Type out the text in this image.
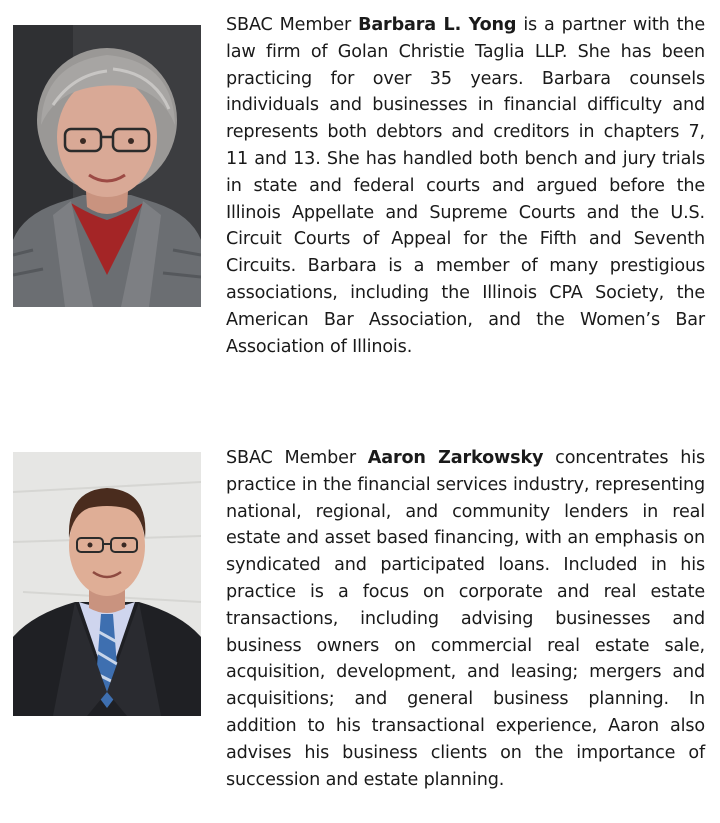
SBAC Member Barbara L. Yong is a partner with the law firm of Golan Christie Taglia LLP. She has been practicing for over 35 years. Barbara counsels individuals and businesses in financial difficulty and represents both debtors and creditors in chapters 7, 11 and 13. She has handled both bench and jury trials in state and federal courts and argued before the Illinois Appellate and Supreme Courts and the U.S. Circuit Courts of Appeal for the Fifth and Seventh Circuits. Barbara is a member of many prestigious associations, including the Illinois CPA Society, the American Bar Association, and the Women’s Bar Association of Illinois.

SBAC Member Aaron Zarkowsky concentrates his practice in the financial services industry, representing national, regional, and community lenders in real estate and asset based financing, with an emphasis on syndicated and participated loans. Included in his practice is a focus on corporate and real estate transactions, including advising businesses and business owners on commercial real estate sale, acquisition, development, and leasing; mergers and acquisitions; and general business planning. In addition to his transactional experience, Aaron also advises his business clients on the importance of succession and estate planning.
